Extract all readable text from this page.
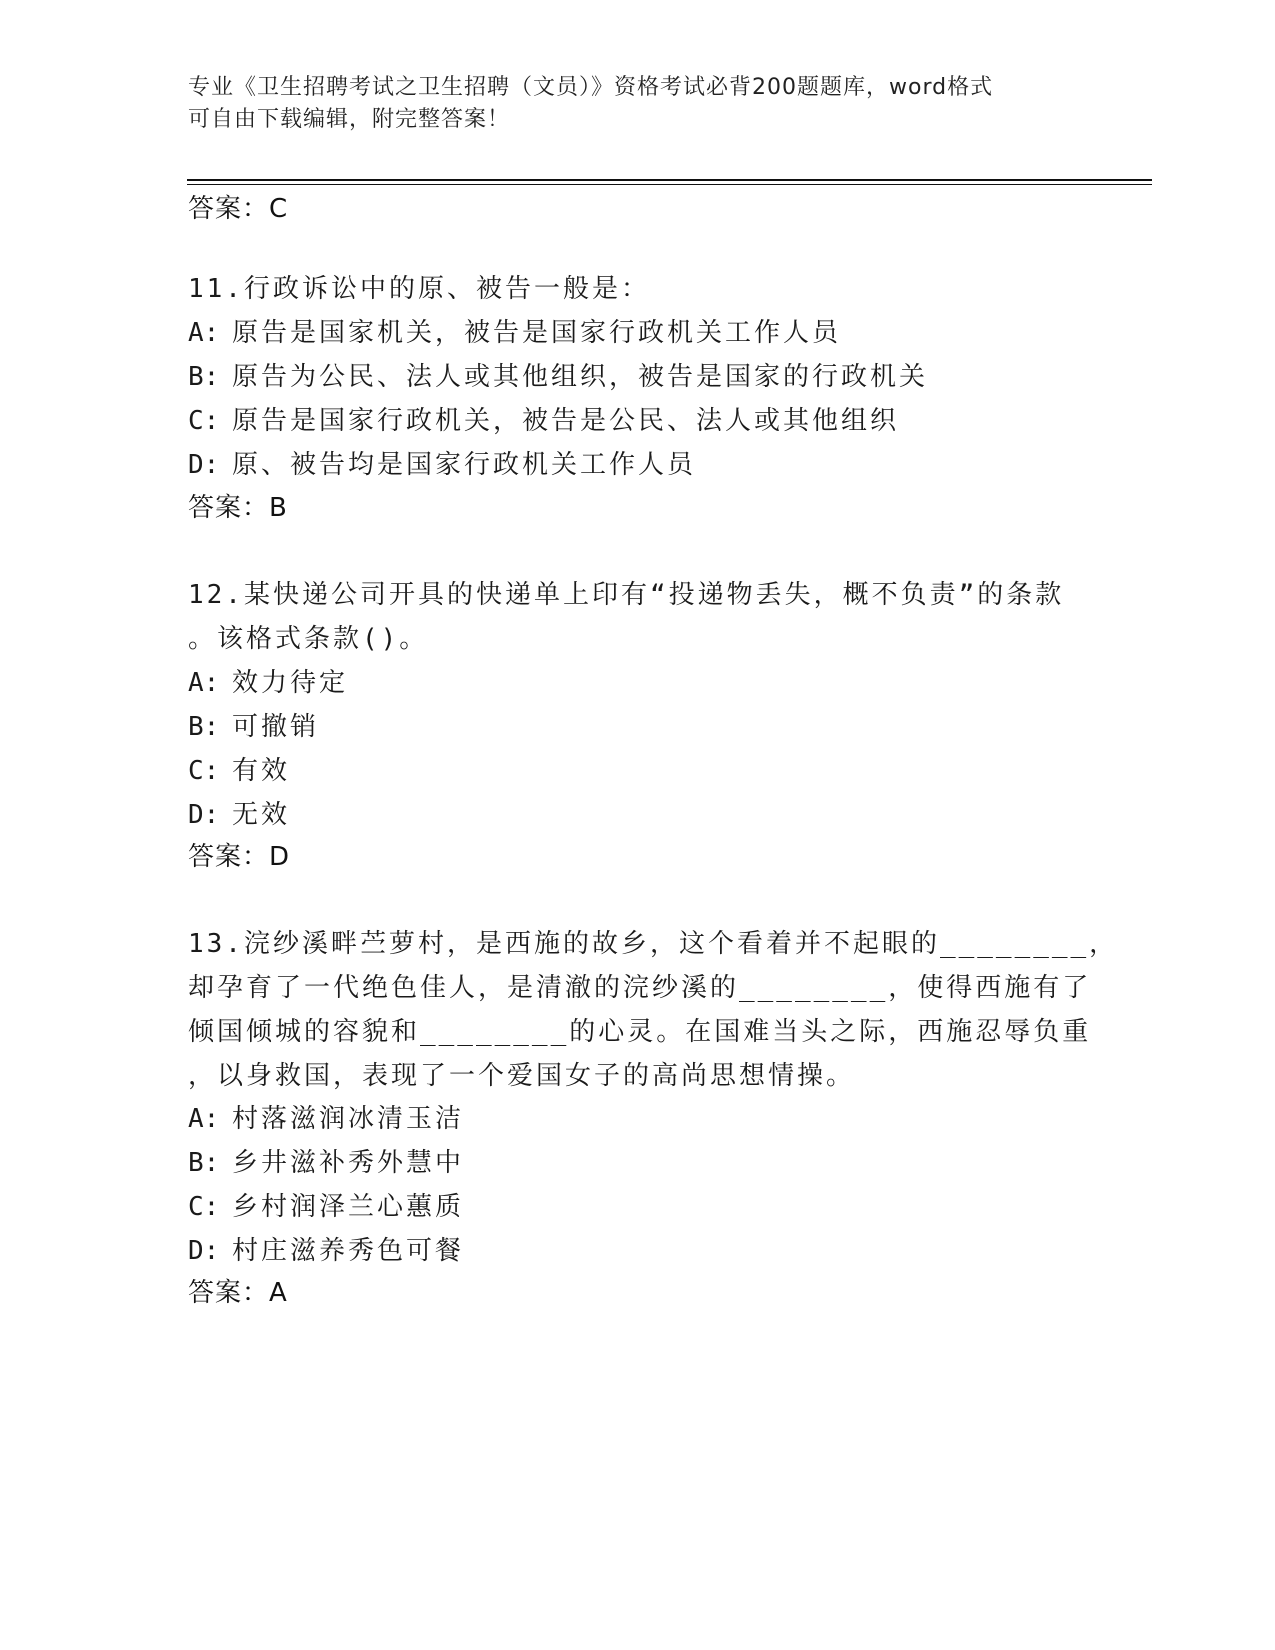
专业《卫生招聘考试之卫生招聘（文员）》资格考试必背200题题库，word格式
可自由下载编辑，附完整答案！
答案：C
11.行政诉讼中的原、被告一般是：
A: 原告是国家机关，被告是国家行政机关工作人员
B: 原告为公民、法人或其他组织，被告是国家的行政机关
C: 原告是国家行政机关，被告是公民、法人或其他组织
D: 原、被告均是国家行政机关工作人员
答案：B
12.某快递公司开具的快递单上印有“投递物丢失，概不负责”的条款
。该格式条款()。
A: 效力待定
B: 可撤销
C: 有效
D: 无效
答案：D
13.浣纱溪畔苎萝村，是西施的故乡，这个看着并不起眼的________，
却孕育了一代绝色佳人，是清澈的浣纱溪的________，使得西施有了
倾国倾城的容貌和________的心灵。在国难当头之际，西施忍辱负重
，以身救国，表现了一个爱国女子的高尚思想情操。
A: 村落滋润冰清玉洁
B: 乡井滋补秀外慧中
C: 乡村润泽兰心蕙质
D: 村庄滋养秀色可餐
答案：A
